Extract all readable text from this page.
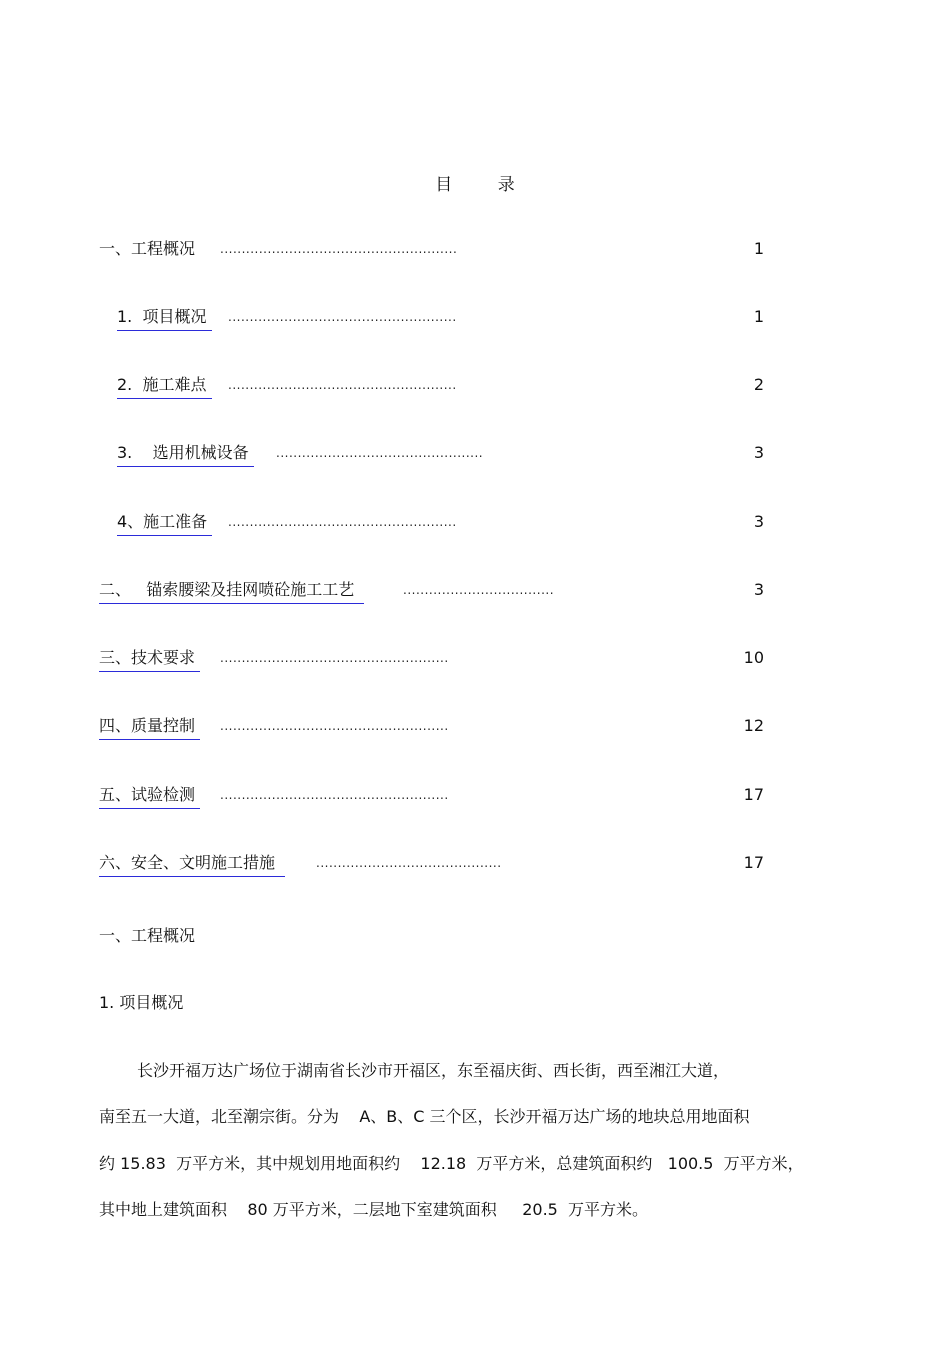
目 录
一、工程概况 .......................................................	1
1.  项目概况 .....................................................	1
2.  施工难点 .....................................................	2
3.    选用机械设备 ................................................	3
4、施工准备 .....................................................	3
二、   锚索腰梁及挂网喷砼施工工艺	...................................	3
三、技术要求 .....................................................	10
四、质量控制 .....................................................	12
五、试验检测 .....................................................	17
六、安全、文明施工措施	...........................................	17
一、工程概况
1. 项目概况
长沙开福万达广场位于湖南省长沙市开福区，东至福庆街、西长街，西至湘江大道，
南至五一大道，北至潮宗街。分为    A、B、C 三个区，长沙开福万达广场的地块总用地面积
约 15.83  万平方米，其中规划用地面积约    12.18  万平方米，总建筑面积约   100.5  万平方米，
其中地上建筑面积    80 万平方米，二层地下室建筑面积     20.5  万平方米。
